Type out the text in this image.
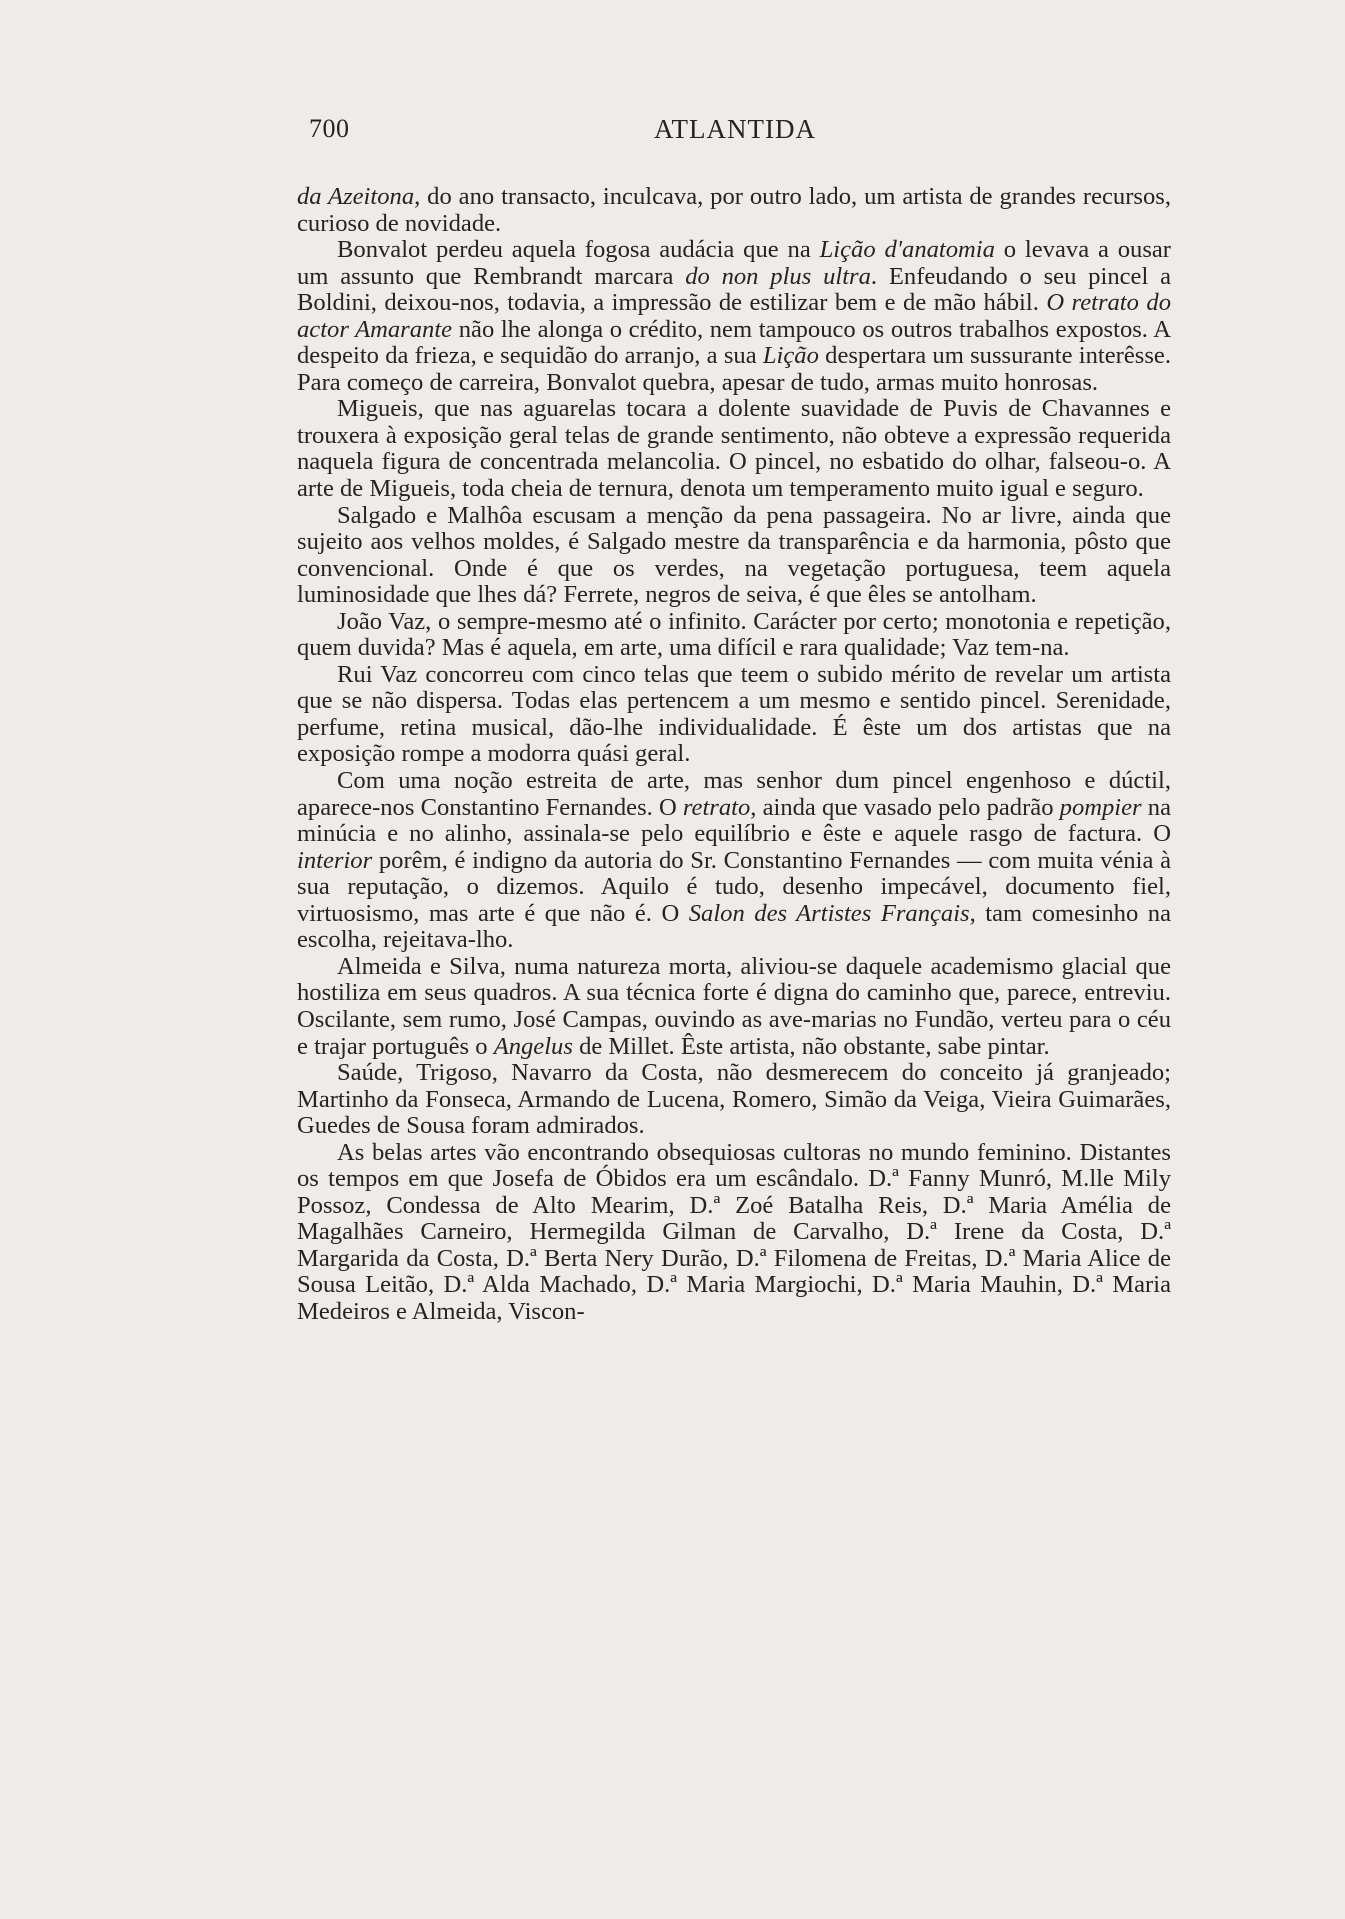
700	ATLANTIDA

da Azeitona, do ano transacto, inculcava, por outro lado, um artista de grandes recursos, curioso de novidade.

Bonvalot perdeu aquela fogosa audácia que na Lição d'anatomia o levava a ousar um assunto que Rembrandt marcara do non plus ultra. Enfeudando o seu pincel a Boldini, deixou-nos, todavia, a impressão de estilizar bem e de mão hábil. O retrato do actor Amarante não lhe alonga o crédito, nem tampouco os outros trabalhos expostos. A despeito da frieza, e sequidão do arranjo, a sua Lição despertara um sussurante interêsse. Para começo de carreira, Bonvalot quebra, apesar de tudo, armas muito honrosas.

Migueis, que nas aguarelas tocara a dolente suavidade de Puvis de Chavannes e trouxera à exposição geral telas de grande sentimento, não obteve a expressão requerida naquela figura de concentrada melancolia. O pincel, no esbatido do olhar, falseou-o. A arte de Migueis, toda cheia de ternura, denota um temperamento muito igual e seguro.

Salgado e Malhôa escusam a menção da pena passageira. No ar livre, ainda que sujeito aos velhos moldes, é Salgado mestre da transparência e da harmonia, pôsto que convencional. Onde é que os verdes, na vegetação portuguesa, teem aquela luminosidade que lhes dá? Ferrete, negros de seiva, é que êles se antolham.

João Vaz, o sempre-mesmo até o infinito. Carácter por certo; monotonia e repetição, quem duvida? Mas é aquela, em arte, uma difícil e rara qualidade; Vaz tem-na.

Rui Vaz concorreu com cinco telas que teem o subido mérito de revelar um artista que se não dispersa. Todas elas pertencem a um mesmo e sentido pincel. Serenidade, perfume, retina musical, dão-lhe individualidade. É êste um dos artistas que na exposição rompe a modorra quási geral.

Com uma noção estreita de arte, mas senhor dum pincel engenhoso e dúctil, aparece-nos Constantino Fernandes. O retrato, ainda que vasado pelo padrão pompier na minúcia e no alinho, assinala-se pelo equilíbrio e êste e aquele rasgo de factura. O interior porêm, é indigno da autoria do Sr. Constantino Fernandes — com muita vénia à sua reputação, o dizemos. Aquilo é tudo, desenho impecável, documento fiel, virtuosismo, mas arte é que não é. O Salon des Artistes Français, tam comesinho na escolha, rejeitava-lho.

Almeida e Silva, numa natureza morta, aliviou-se daquele academismo glacial que hostiliza em seus quadros. A sua técnica forte é digna do caminho que, parece, entreviu. Oscilante, sem rumo, José Campas, ouvindo as ave-marias no Fundão, verteu para o céu e trajar português o Angelus de Millet. Êste artista, não obstante, sabe pintar.

Saúde, Trigoso, Navarro da Costa, não desmerecem do conceito já granjeado; Martinho da Fonseca, Armando de Lucena, Romero, Simão da Veiga, Vieira Guimarães, Guedes de Sousa foram admirados.

As belas artes vão encontrando obsequiosas cultoras no mundo feminino. Distantes os tempos em que Josefa de Óbidos era um escândalo. D.ª Fanny Munró, M.lle Mily Possoz, Condessa de Alto Mearim, D.ª Zoé Batalha Reis, D.ª Maria Amélia de Magalhães Carneiro, Hermegilda Gilman de Carvalho, D.ª Irene da Costa, D.ª Margarida da Costa, D.ª Berta Nery Durão, D.ª Filomena de Freitas, D.ª Maria Alice de Sousa Leitão, D.ª Alda Machado, D.ª Maria Margiochi, D.ª Maria Mauhin, D.ª Maria Medeiros e Almeida, Viscon-
